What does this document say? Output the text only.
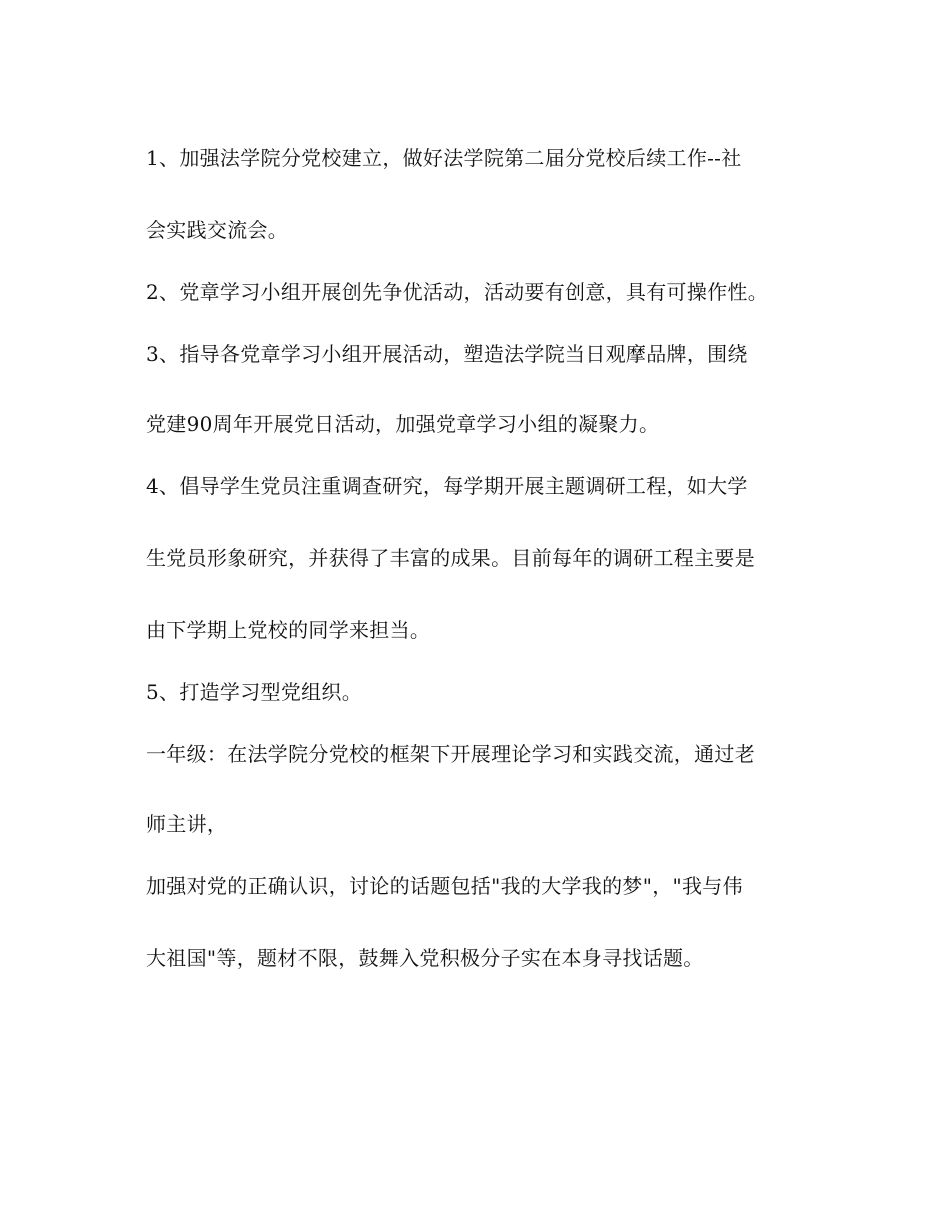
1、加强法学院分党校建立，做好法学院第二届分党校后续工作--社
会实践交流会。
2、党章学习小组开展创先争优活动，活动要有创意，具有可操作性。
3、指导各党章学习小组开展活动，塑造法学院当日观摩品牌，围绕
党建90周年开展党日活动，加强党章学习小组的凝聚力。
4、倡导学生党员注重调查研究，每学期开展主题调研工程，如大学
生党员形象研究，并获得了丰富的成果。目前每年的调研工程主要是
由下学期上党校的同学来担当。
5、打造学习型党组织。
一年级：在法学院分党校的框架下开展理论学习和实践交流，通过老
师主讲，
加强对党的正确认识，讨论的话题包括"我的大学我的梦"，"我与伟
大祖国"等，题材不限，鼓舞入党积极分子实在本身寻找话题。
